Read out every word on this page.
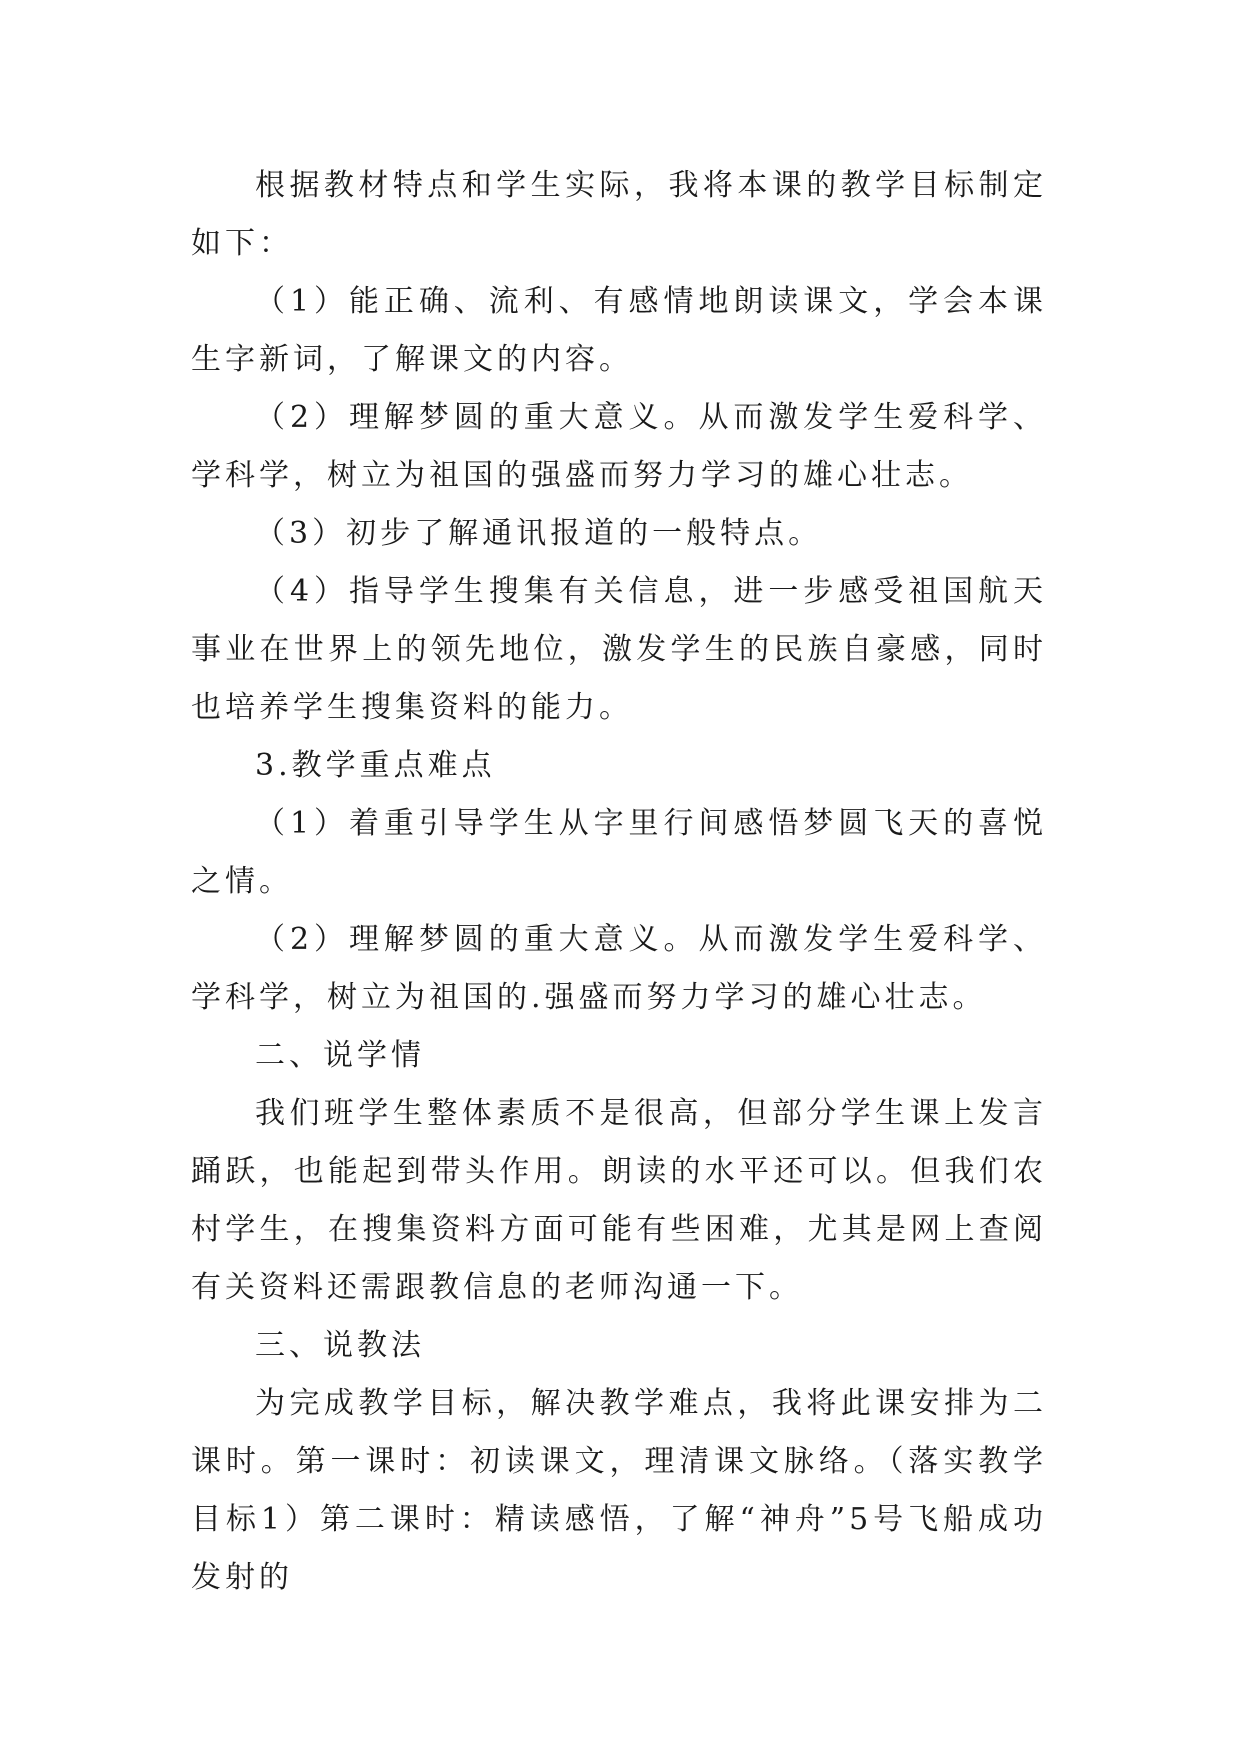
根据教材特点和学生实际，我将本课的教学目标制定如下：

（1）能正确、流利、有感情地朗读课文，学会本课生字新词，了解课文的内容。

（2）理解梦圆的重大意义。从而激发学生爱科学、学科学，树立为祖国的强盛而努力学习的雄心壮志。

（3）初步了解通讯报道的一般特点。

（4）指导学生搜集有关信息，进一步感受祖国航天事业在世界上的领先地位，激发学生的民族自豪感，同时也培养学生搜集资料的能力。

3.教学重点难点

（1）着重引导学生从字里行间感悟梦圆飞天的喜悦之情。

（2）理解梦圆的重大意义。从而激发学生爱科学、学科学，树立为祖国的.强盛而努力学习的雄心壮志。

二、说学情

我们班学生整体素质不是很高，但部分学生课上发言踊跃，也能起到带头作用。朗读的水平还可以。但我们农村学生，在搜集资料方面可能有些困难，尤其是网上查阅有关资料还需跟教信息的老师沟通一下。

三、说教法

为完成教学目标，解决教学难点，我将此课安排为二课时。第一课时：初读课文，理清课文脉络。（落实教学目标1）第二课时：精读感悟，了解“神舟”5号飞船成功发射的
